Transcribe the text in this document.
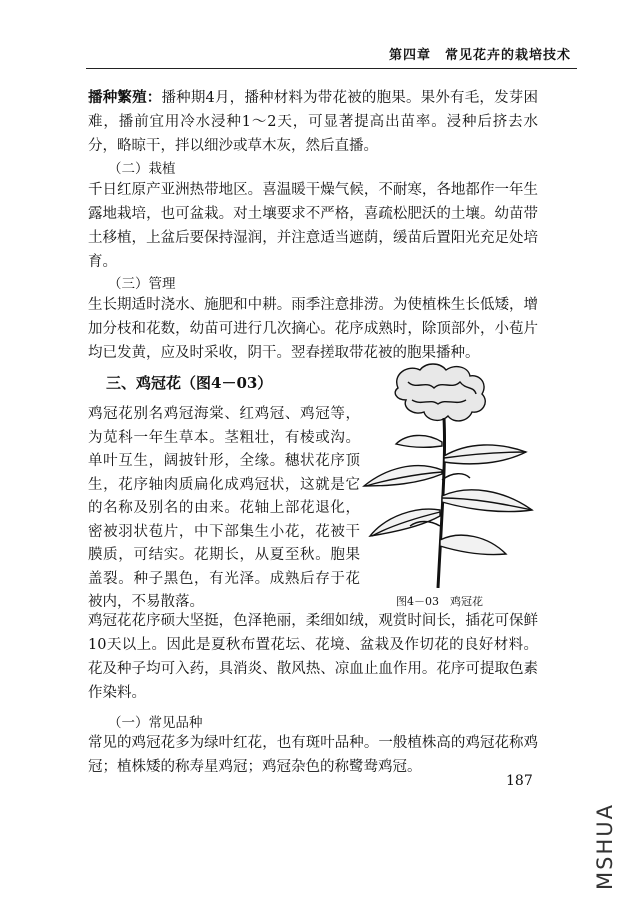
第四章　常见花卉的栽培技术
播种繁殖：播种期4月，播种材料为带花被的胞果。果外有毛，发芽困难，播前宜用冷水浸种1～2天，可显著提高出苗率。浸种后挤去水分，略晾干，拌以细沙或草木灰，然后直播。
（二）栽植
千日红原产亚洲热带地区。喜温暖干燥气候，不耐寒，各地都作一年生露地栽培，也可盆栽。对土壤要求不严格，喜疏松肥沃的土壤。幼苗带土移植，上盆后要保持湿润，并注意适当遮荫，缓苗后置阳光充足处培育。
（三）管理
生长期适时浇水、施肥和中耕。雨季注意排涝。为使植株生长低矮，增加分枝和花数，幼苗可进行几次摘心。花序成熟时，除顶部外，小苞片均已发黄，应及时采收，阴干。翌春搓取带花被的胞果播种。
三、鸡冠花（图4－03）
鸡冠花别名鸡冠海棠、红鸡冠、鸡冠等，为苋科一年生草本。茎粗壮，有棱或沟。单叶互生，阔披针形，全缘。穗状花序顶生，花序轴肉质扁化成鸡冠状，这就是它的名称及别名的由来。花轴上部花退化，密被羽状苞片，中下部集生小花，花被干膜质，可结实。花期长，从夏至秋。胞果盖裂。种子黑色，有光泽。成熟后存于花被内，不易散落。	图4－03　鸡冠花
鸡冠花花序硕大坚挺，色泽艳丽，柔细如绒，观赏时间长，插花可保鲜10天以上。因此是夏秋布置花坛、花境、盆栽及作切花的良好材料。花及种子均可入药，具消炎、散风热、凉血止血作用。花序可提取色素作染料。
（一）常见品种
常见的鸡冠花多为绿叶红花，也有斑叶品种。一般植株高的鸡冠花称鸡冠；植株矮的称寿星鸡冠；鸡冠杂色的称鹭鸯鸡冠。
187
MSHUA
